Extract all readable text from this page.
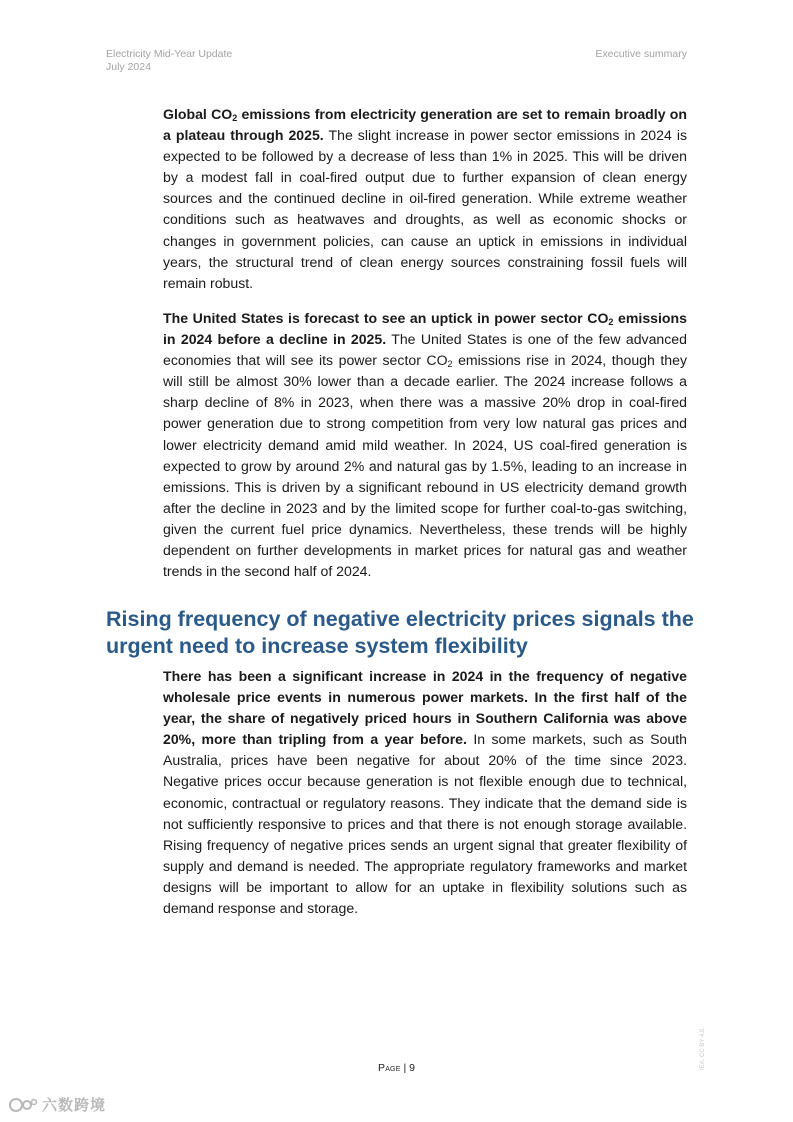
Electricity Mid-Year Update
July 2024
Executive summary

Global $CO_2$ emissions from electricity generation are set to remain broadly on a plateau through 2025. The slight increase in power sector emissions in 2024 is expected to be followed by a decrease of less than 1% in 2025. This will be driven by a modest fall in coal-fired output due to further expansion of clean energy sources and the continued decline in oil-fired generation. While extreme weather conditions such as heatwaves and droughts, as well as economic shocks or changes in government policies, can cause an uptick in emissions in individual years, the structural trend of clean energy sources constraining fossil fuels will remain robust.

The United States is forecast to see an uptick in power sector $CO_2$ emissions in 2024 before a decline in 2025. The United States is one of the few advanced economies that will see its power sector $CO_2$ emissions rise in 2024, though they will still be almost 30% lower than a decade earlier. The 2024 increase follows a sharp decline of 8% in 2023, when there was a massive 20% drop in coal-fired power generation due to strong competition from very low natural gas prices and lower electricity demand amid mild weather. In 2024, US coal-fired generation is expected to grow by around 2% and natural gas by 1.5%, leading to an increase in emissions. This is driven by a significant rebound in US electricity demand growth after the decline in 2023 and by the limited scope for further coal-to-gas switching, given the current fuel price dynamics. Nevertheless, these trends will be highly dependent on further developments in market prices for natural gas and weather trends in the second half of 2024.

Rising frequency of negative electricity prices signals the urgent need to increase system flexibility

There has been a significant increase in 2024 in the frequency of negative wholesale price events in numerous power markets. In the first half of the year, the share of negatively priced hours in Southern California was above 20%, more than tripling from a year before. In some markets, such as South Australia, prices have been negative for about 20% of the time since 2023. Negative prices occur because generation is not flexible enough due to technical, economic, contractual or regulatory reasons. They indicate that the demand side is not sufficiently responsive to prices and that there is not enough storage available. Rising frequency of negative prices sends an urgent signal that greater flexibility of supply and demand is needed. The appropriate regulatory frameworks and market designs will be important to allow for an uptake in flexibility solutions such as demand response and storage.

Page | 9	IEA. CC BY 4.0.
六数跨境
